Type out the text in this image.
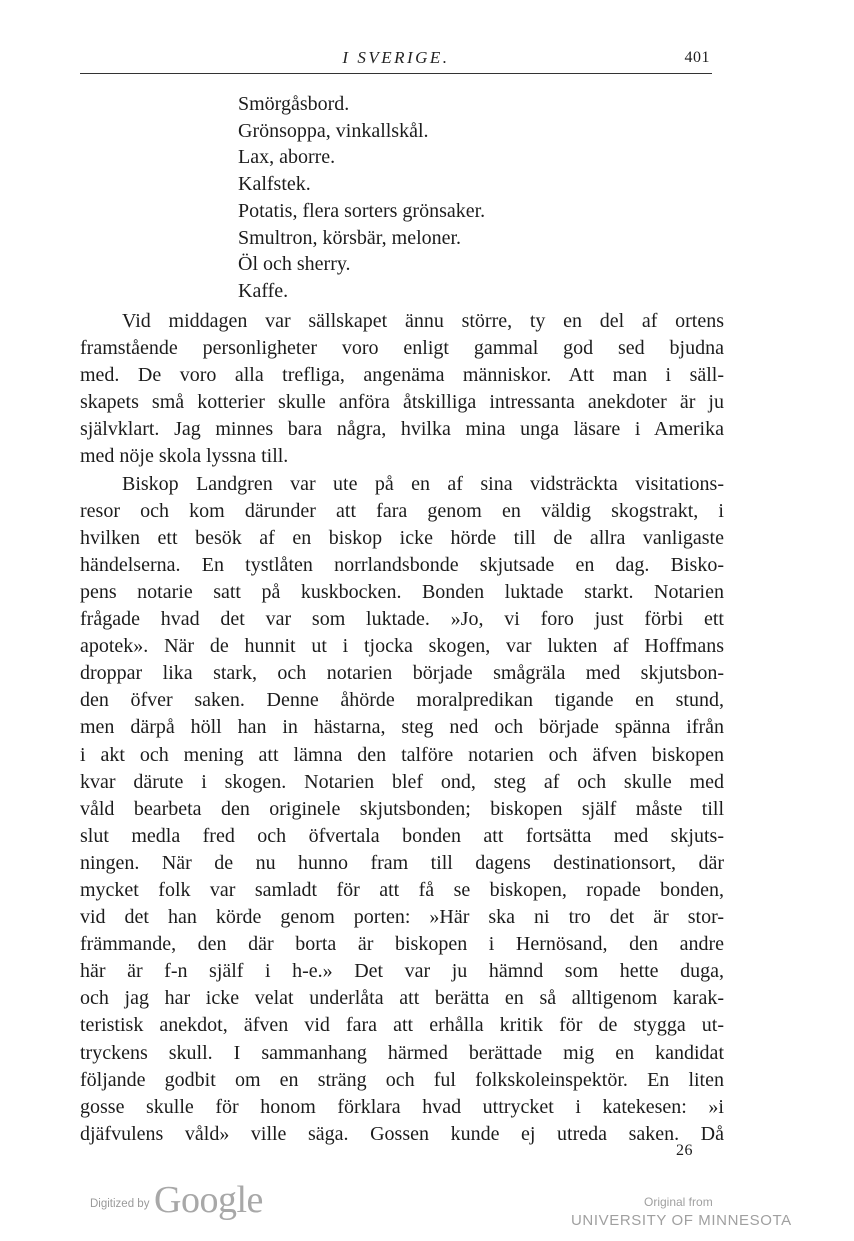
I SVERIGE.	401
Smörgåsbord.
Grönsoppa, vinkallskål.
Lax, aborre.
Kalfstek.
Potatis, flera sorters grönsaker.
Smultron, körsbär, meloner.
Öl och sherry.
Kaffe.
Vid middagen var sällskapet ännu större, ty en del af ortens
framstående personligheter voro enligt gammal god sed bjudna
med. De voro alla trefliga, angenäma människor. Att man i säll-
skapets små kotterier skulle anföra åtskilliga intressanta anekdoter är ju
självklart. Jag minnes bara några, hvilka mina unga läsare i Amerika
med nöje skola lyssna till.
Biskop Landgren var ute på en af sina vidsträckta visitations-
resor och kom därunder att fara genom en väldig skogstrakt, i
hvilken ett besök af en biskop icke hörde till de allra vanligaste
händelserna. En tystlåten norrlandsbonde skjutsade en dag. Bisko-
pens notarie satt på kuskbocken. Bonden luktade starkt. Notarien
frågade hvad det var som luktade. »Jo, vi foro just förbi ett
apotek». När de hunnit ut i tjocka skogen, var lukten af Hoffmans
droppar lika stark, och notarien började smågräla med skjutsbon-
den öfver saken. Denne åhörde moralpredikan tigande en stund,
men därpå höll han in hästarna, steg ned och började spänna ifrån
i akt och mening att lämna den talföre notarien och äfven biskopen
kvar därute i skogen. Notarien blef ond, steg af och skulle med
våld bearbeta den originele skjutsbonden; biskopen själf måste till
slut medla fred och öfvertala bonden att fortsätta med skjuts-
ningen. När de nu hunno fram till dagens destinationsort, där
mycket folk var samladt för att få se biskopen, ropade bonden,
vid det han körde genom porten: »Här ska ni tro det är stor-
främmande, den där borta är biskopen i Hernösand, den andre
här är f-n själf i h-e.» Det var ju hämnd som hette duga,
och jag har icke velat underlåta att berätta en så alltigenom karak-
teristisk anekdot, äfven vid fara att erhålla kritik för de stygga ut-
tryckens skull. I sammanhang härmed berättade mig en kandidat
följande godbit om en sträng och ful folkskoleinspektör. En liten
gosse skulle för honom förklara hvad uttrycket i katekesen: »i
djäfvulens våld» ville säga. Gossen kunde ej utreda saken. Då
26
Digitized by Google	Original from
UNIVERSITY OF MINNESOTA
